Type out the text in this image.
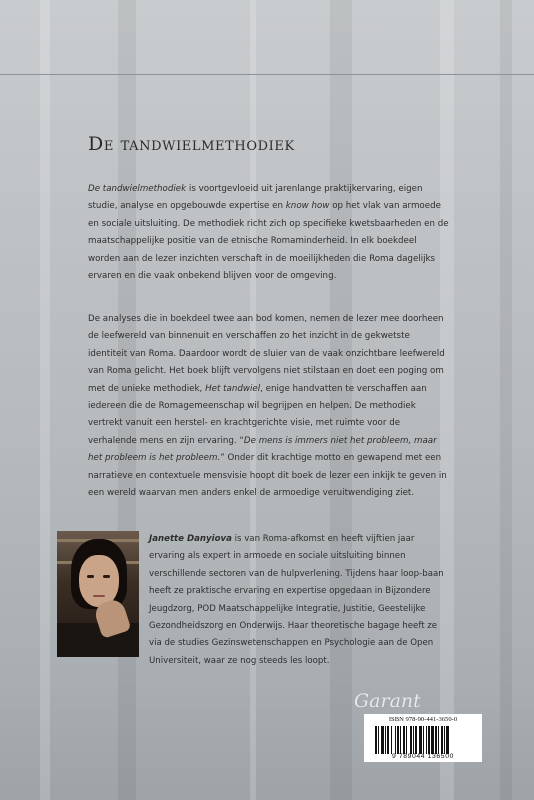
De tandwielmethodiek
De tandwielmethodiek is voortgevloeid uit jarenlange praktijkervaring, eigen studie, analyse en opgebouwde expertise en know how op het vlak van armoede en sociale uitsluiting. De methodiek richt zich op specifieke kwetsbaarheden en de maatschappelijke positie van de etnische Romaminderheid. In elk boekdeel worden aan de lezer inzichten verschaft in de moeilijkheden die Roma dagelijks ervaren en die vaak onbekend blijven voor de omgeving.
De analyses die in boekdeel twee aan bod komen, nemen de lezer mee doorheen de leefwereld van binnenuit en verschaffen zo het inzicht in de gekwetste identiteit van Roma. Daardoor wordt de sluier van de vaak onzichtbare leefwereld van Roma gelicht. Het boek blijft vervolgens niet stilstaan en doet een poging om met de unieke methodiek, Het tandwiel, enige handvatten te verschaffen aan iedereen die de Romagemeenschap wil begrijpen en helpen. De methodiek vertrekt vanuit een herstel- en krachtgerichte visie, met ruimte voor de verhalende mens en zijn ervaring. “De mens is immers niet het probleem, maar het probleem is het probleem.” Onder dit krachtige motto en gewapend met een narratieve en contextuele mensvisie hoopt dit boek de lezer een inkijk te geven in een wereld waarvan men anders enkel de armoedige veruitwendiging ziet.
Janette Danyiova is van Roma-afkomst en heeft vijftien jaar ervaring als expert in armoede en sociale uitsluiting binnen verschillende sectoren van de hulpverlening. Tijdens haar loop-baan heeft ze praktische ervaring en expertise opgedaan in Bijzondere Jeugdzorg, POD Maatschappelijke Integratie, Justitie, Geestelijke Gezondheidszorg en Onderwijs. Haar theoretische bagage heeft ze via de studies Gezinswetenschappen en Psychologie aan de Open Universiteit, waar ze nog steeds les loopt.
Garant
ISBN 978-90-441-3650-0
9 789044 136500
